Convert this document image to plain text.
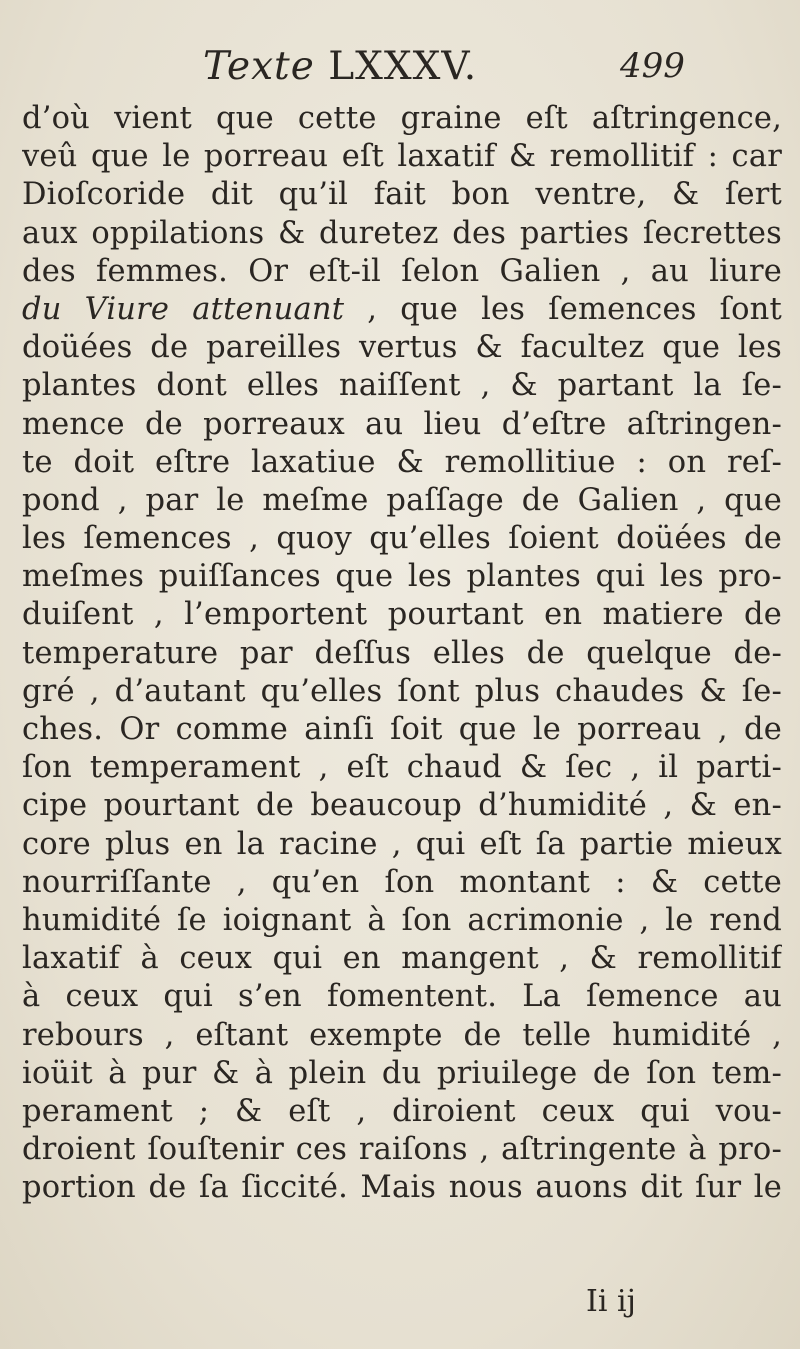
Texte LXXXV.	499
d’où vient que cette graine eſt aſtringence,
veû que le porreau eſt laxatif & remollitif : car
Dioſcoride dit qu’il fait bon ventre, & ſert
aux oppilations & duretez des parties ſecrettes
des femmes. Or eſt-il ſelon Galien , au liure
du Viure attenuant , que les ſemences ſont
doüées de pareilles vertus & facultez que les
plantes dont elles naiſſent , & partant la ſe-
mence de porreaux au lieu d’eſtre aſtringen-
te doit eſtre laxatiue & remollitiue : on reſ-
pond , par le meſme paſſage de Galien , que
les ſemences , quoy qu’elles ſoient doüées de
meſmes puiſſances que les plantes qui les pro-
duiſent , l’emportent pourtant en matiere de
temperature par deſſus elles de quelque de-
gré , d’autant qu’elles ſont plus chaudes & ſe-
ches. Or comme ainſi ſoit que le porreau , de
ſon temperament , eſt chaud & ſec , il parti-
cipe pourtant de beaucoup d’humidité , & en-
core plus en la racine , qui eſt ſa partie mieux
nourriſſante , qu’en ſon montant : & cette
humidité ſe ioignant à ſon acrimonie , le rend
laxatif à ceux qui en mangent , & remollitif
à ceux qui s’en fomentent. La ſemence au
rebours , eſtant exempte de telle humidité ,
ioüit à pur & à plein du priuilege de ſon tem-
perament ; & eſt , diroient ceux qui vou-
droient ſouſtenir ces raiſons , aſtringente à pro-
portion de ſa ſiccité. Mais nous auons dit ſur le
Ii ij
